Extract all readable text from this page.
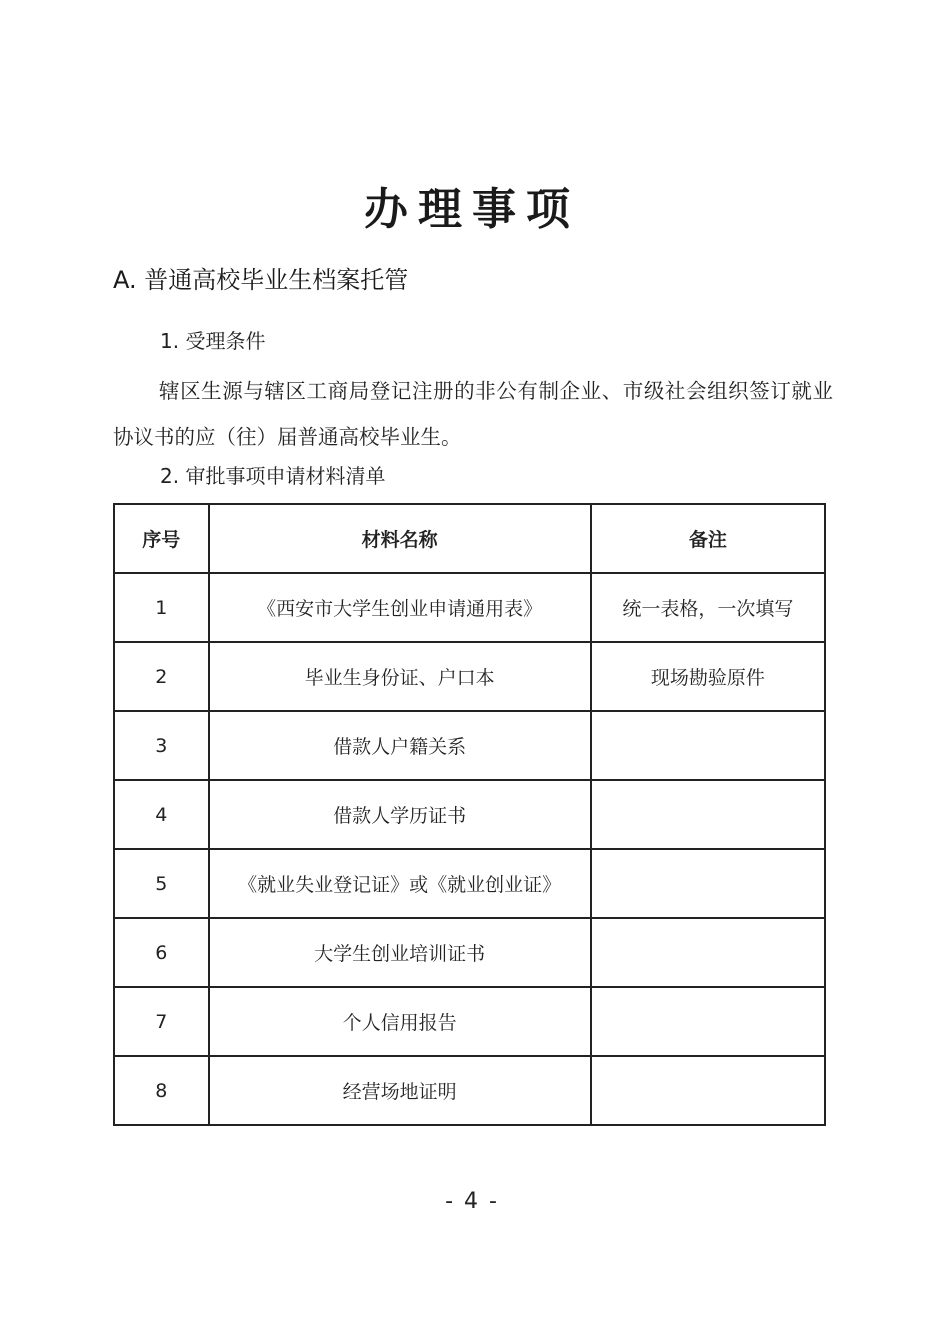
办理事项
A. 普通高校毕业生档案托管
1. 受理条件
辖区生源与辖区工商局登记注册的非公有制企业、市级社会组织签订就业协议书的应（往）届普通高校毕业生。
2. 审批事项申请材料清单
序号	材料名称	备注
1	《西安市大学生创业申请通用表》	统一表格，一次填写
2	毕业生身份证、户口本	现场勘验原件
3	借款人户籍关系	
4	借款人学历证书	
5	《就业失业登记证》或《就业创业证》	
6	大学生创业培训证书	
7	个人信用报告	
8	经营场地证明	
- 4 -
